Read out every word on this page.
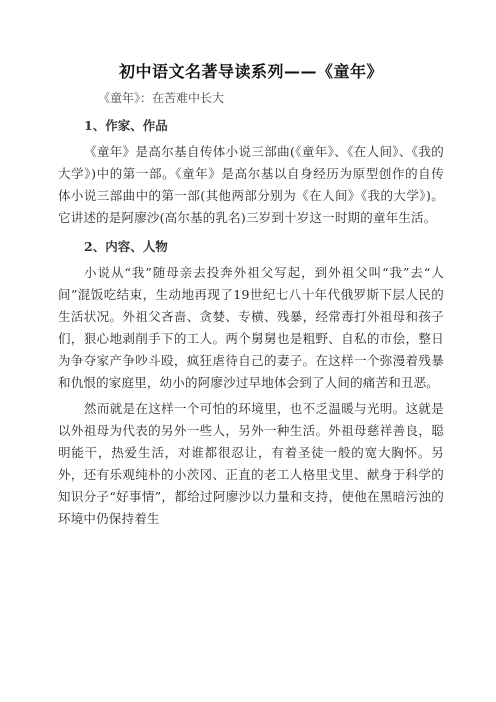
初中语文名著导读系列——《童年》

《童年》：在苦难中长大

1、作家、作品

《童年》是高尔基自传体小说三部曲(《童年》、《在人间》、《我的大学》)中的第一部。《童年》是高尔基以自身经历为原型创作的自传体小说三部曲中的第一部(其他两部分别为《在人间》《我的大学》)。它讲述的是阿廖沙(高尔基的乳名)三岁到十岁这一时期的童年生活。

2、内容、人物

小说从“我”随母亲去投奔外祖父写起，到外祖父叫“我”去“人间”混饭吃结束，生动地再现了19世纪七八十年代俄罗斯下层人民的生活状况。外祖父吝啬、贪婪、专横、残暴，经常毒打外祖母和孩子们，狠心地剥削手下的工人。两个舅舅也是粗野、自私的市侩，整日为争夺家产争吵斗殴，疯狂虐待自己的妻子。在这样一个弥漫着残暴和仇恨的家庭里，幼小的阿廖沙过早地体会到了人间的痛苦和丑恶。

然而就是在这样一个可怕的环境里，也不乏温暖与光明。这就是以外祖母为代表的另外一些人，另外一种生活。外祖母慈祥善良，聪明能干，热爱生活，对谁都很忍让，有着圣徒一般的宽大胸怀。另外，还有乐观纯朴的小茨冈、正直的老工人格里戈里、献身于科学的知识分子“好事情”，都给过阿廖沙以力量和支持，使他在黑暗污浊的环境中仍保持着生
